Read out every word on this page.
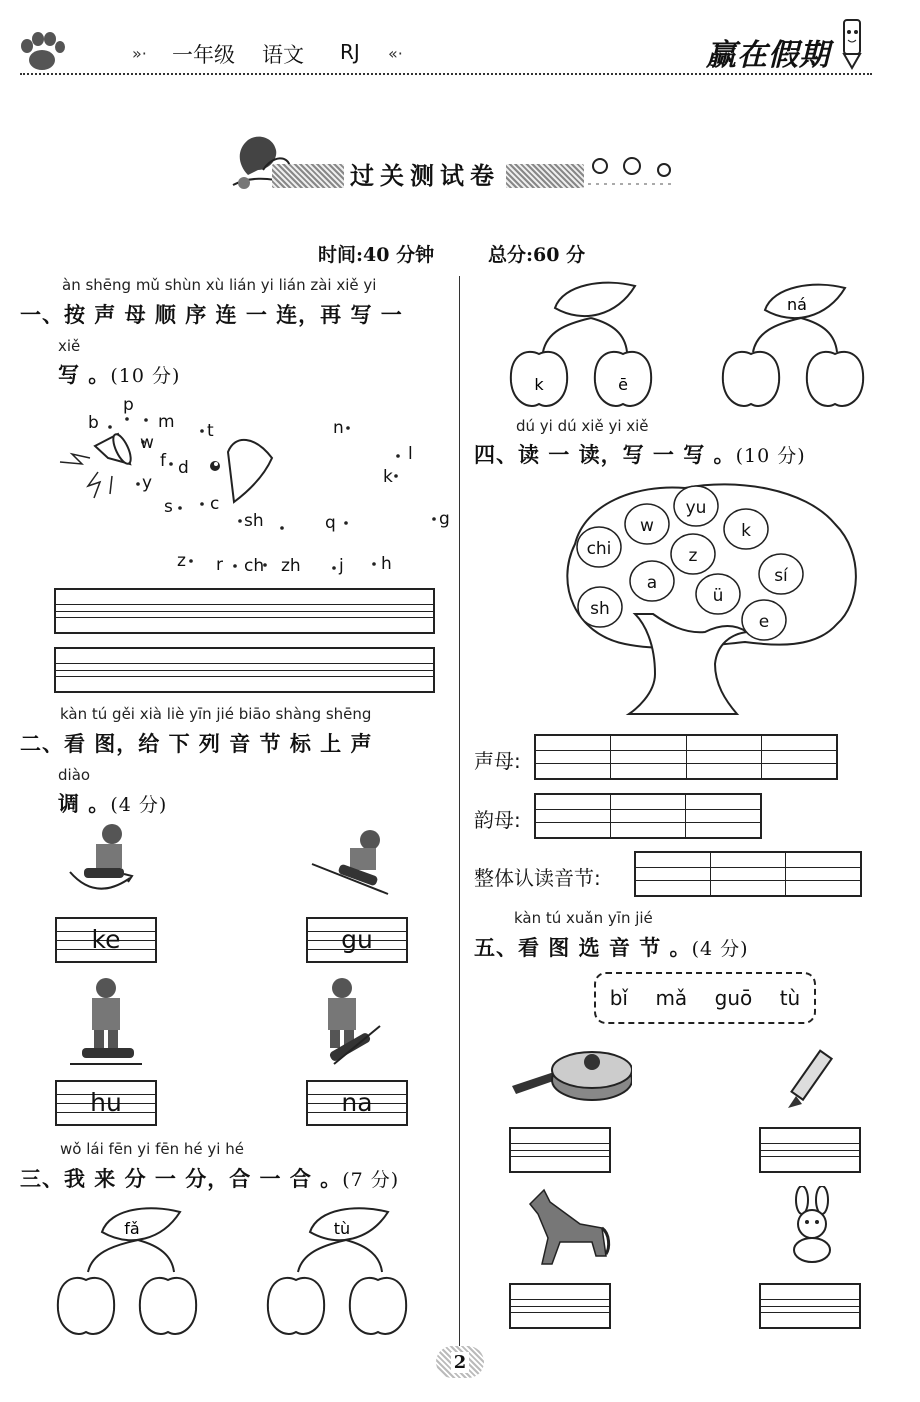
»· 一年级 语文 RJ «·	赢在假期
过关测试卷
时间:40 分钟	总分:60 分
àn shēng mǔ shùn xù lián yi lián zài xiě yi
一、按 声 母 顺 序 连 一 连，再 写 一
xiě
写 。(10 分)
b
p
m t	n
w
f d
l
y	k
s c
g
sh	q
z r ch zh j h
kàn tú gěi xià liè yīn jié biāo shàng shēng
二、看 图，给 下 列 音 节 标 上 声
diào
调 。(4 分)
ke	gu
hu	na
wǒ lái fēn yi fēn hé yi hé
三、我 来 分 一 分，合 一 合 。(7 分)
fǎ	tù
k	ē
ná
dú yi dú xiě yi xiě
四、读 一 读，写 一 写 。(10 分)
chi
w
yu
k
z
a	sí
sh
ü
e
声母:
韵母:
整体认读音节:
kàn tú xuǎn yīn jié
五、看 图 选 音 节 。(4 分)
bǐ mǎ guō tù
2
